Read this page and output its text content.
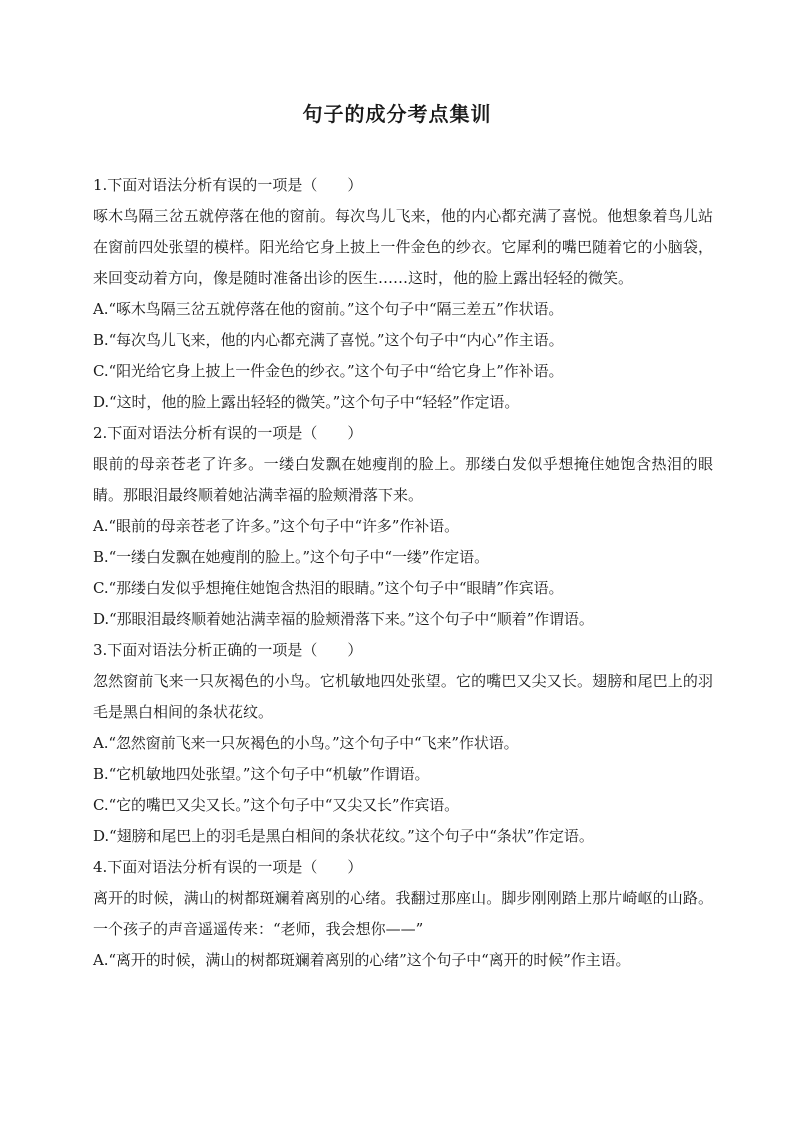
句子的成分考点集训
1.下面对语法分析有误的一项是（　　）
啄木鸟隔三岔五就停落在他的窗前。每次鸟儿飞来，他的内心都充满了喜悦。他想象着鸟儿站在窗前四处张望的模样。阳光给它身上披上一件金色的纱衣。它犀利的嘴巴随着它的小脑袋，来回变动着方向，像是随时准备出诊的医生……这时，他的脸上露出轻轻的微笑。
A.“啄木鸟隔三岔五就停落在他的窗前。”这个句子中“隔三差五”作状语。
B.“每次鸟儿飞来，他的内心都充满了喜悦。”这个句子中“内心”作主语。
C.“阳光给它身上披上一件金色的纱衣。”这个句子中“给它身上”作补语。
D.“这时，他的脸上露出轻轻的微笑。”这个句子中“轻轻”作定语。
2.下面对语法分析有误的一项是（　　）
眼前的母亲苍老了许多。一缕白发飘在她瘦削的脸上。那缕白发似乎想掩住她饱含热泪的眼睛。那眼泪最终顺着她沾满幸福的脸颊滑落下来。
A.“眼前的母亲苍老了许多。”这个句子中“许多”作补语。
B.“一缕白发飘在她瘦削的脸上。”这个句子中“一缕”作定语。
C.“那缕白发似乎想掩住她饱含热泪的眼睛。”这个句子中“眼睛”作宾语。
D.“那眼泪最终顺着她沾满幸福的脸颊滑落下来。”这个句子中“顺着”作谓语。
3.下面对语法分析正确的一项是（　　）
忽然窗前飞来一只灰褐色的小鸟。它机敏地四处张望。它的嘴巴又尖又长。翅膀和尾巴上的羽毛是黑白相间的条状花纹。
A.“忽然窗前飞来一只灰褐色的小鸟。”这个句子中“飞来”作状语。
B.“它机敏地四处张望。”这个句子中“机敏”作谓语。
C.“它的嘴巴又尖又长。”这个句子中“又尖又长”作宾语。
D.“翅膀和尾巴上的羽毛是黑白相间的条状花纹。”这个句子中“条状”作定语。
4.下面对语法分析有误的一项是（　　）
离开的时候，满山的树都斑斓着离别的心绪。我翻过那座山。脚步刚刚踏上那片崎岖的山路。一个孩子的声音遥遥传来：“老师，我会想你——”
A.“离开的时候，满山的树都斑斓着离别的心绪”这个句子中“离开的时候”作主语。
